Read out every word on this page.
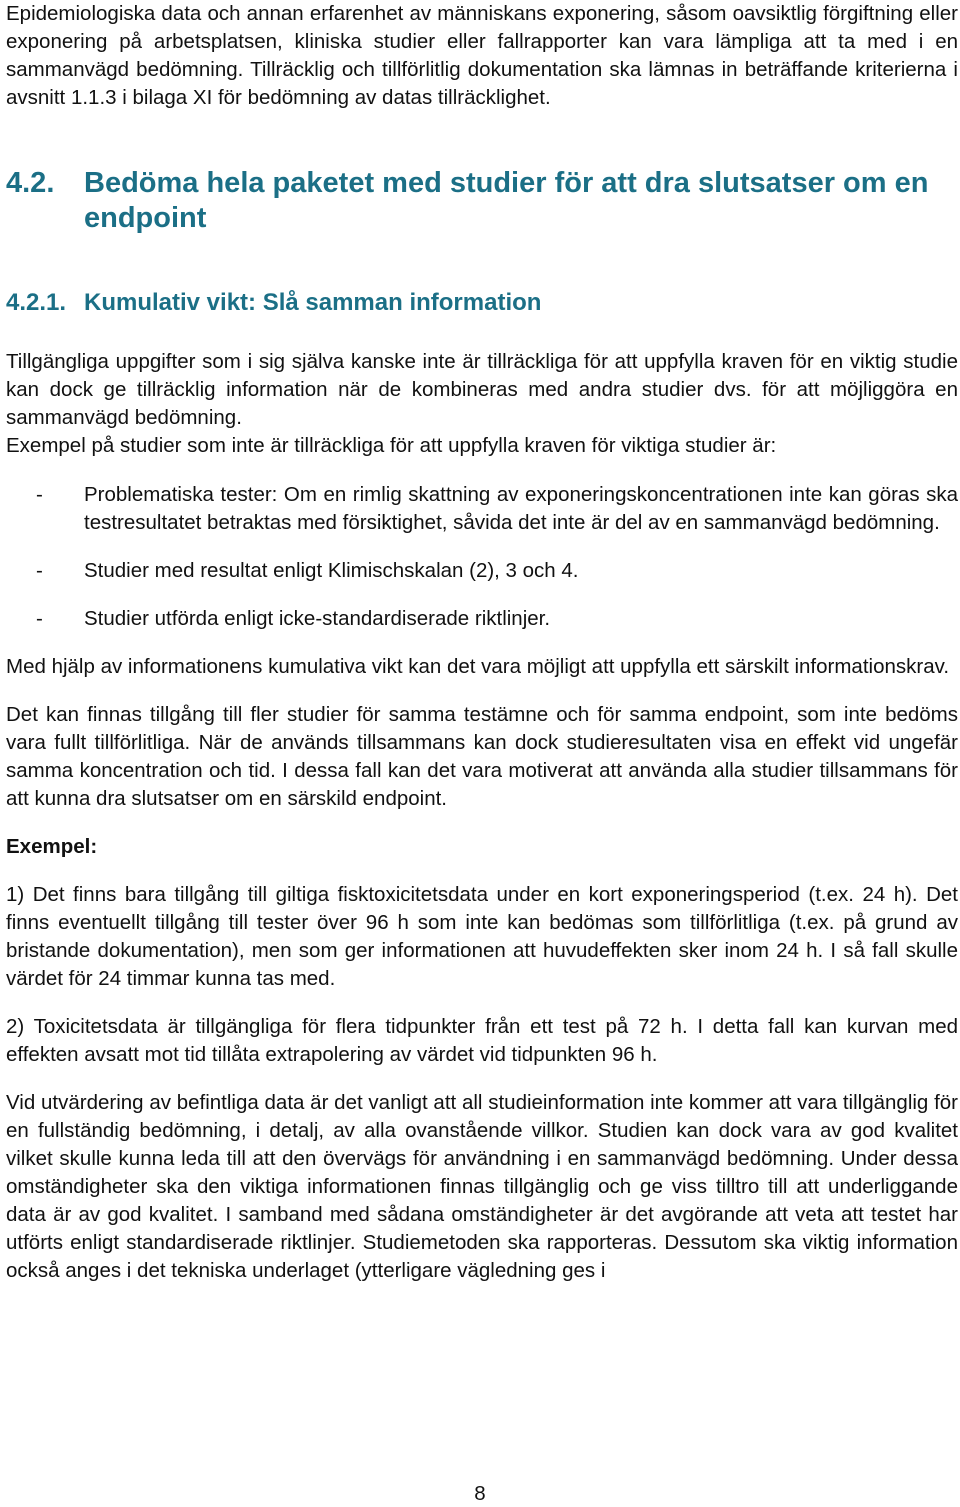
Epidemiologiska data och annan erfarenhet av människans exponering, såsom oavsiktlig förgiftning eller exponering på arbetsplatsen, kliniska studier eller fallrapporter kan vara lämpliga att ta med i en sammanvägd bedömning. Tillräcklig och tillförlitlig dokumentation ska lämnas in beträffande kriterierna i avsnitt 1.1.3 i bilaga XI för bedömning av datas tillräcklighet.

4.2.	Bedöma hela paketet med studier för att dra slutsatser om en endpoint
4.2.1. Kumulativ vikt: Slå samman information

Tillgängliga uppgifter som i sig själva kanske inte är tillräckliga för att uppfylla kraven för en viktig studie kan dock ge tillräcklig information när de kombineras med andra studier dvs. för att möjliggöra en sammanvägd bedömning.

Exempel på studier som inte är tillräckliga för att uppfylla kraven för viktiga studier är:

-	Problematiska tester: Om en rimlig skattning av exponeringskoncentrationen inte kan göras ska testresultatet betraktas med försiktighet, såvida det inte är del av en sammanvägd bedömning.
-	Studier med resultat enligt Klimischskalan (2), 3 och 4.
-	Studier utförda enligt icke-standardiserade riktlinjer.

Med hjälp av informationens kumulativa vikt kan det vara möjligt att uppfylla ett särskilt informationskrav.

Det kan finnas tillgång till fler studier för samma testämne och för samma endpoint, som inte bedöms vara fullt tillförlitliga. När de används tillsammans kan dock studieresultaten visa en effekt vid ungefär samma koncentration och tid. I dessa fall kan det vara motiverat att använda alla studier tillsammans för att kunna dra slutsatser om en särskild endpoint.

Exempel:

1) Det finns bara tillgång till giltiga fisktoxicitetsdata under en kort exponeringsperiod (t.ex. 24 h). Det finns eventuellt tillgång till tester över 96 h som inte kan bedömas som tillförlitliga (t.ex. på grund av bristande dokumentation), men som ger informationen att huvudeffekten sker inom 24 h. I så fall skulle värdet för 24 timmar kunna tas med.

2) Toxicitetsdata är tillgängliga för flera tidpunkter från ett test på 72 h. I detta fall kan kurvan med effekten avsatt mot tid tillåta extrapolering av värdet vid tidpunkten 96 h.

Vid utvärdering av befintliga data är det vanligt att all studieinformation inte kommer att vara tillgänglig för en fullständig bedömning, i detalj, av alla ovanstående villkor. Studien kan dock vara av god kvalitet vilket skulle kunna leda till att den övervägs för användning i en sammanvägd bedömning. Under dessa omständigheter ska den viktiga informationen finnas tillgänglig och ge viss tilltro till att underliggande data är av god kvalitet. I samband med sådana omständigheter är det avgörande att veta att testet har utförts enligt standardiserade riktlinjer. Studiemetoden ska rapporteras. Dessutom ska viktig information också anges i det tekniska underlaget (ytterligare vägledning ges i

8
